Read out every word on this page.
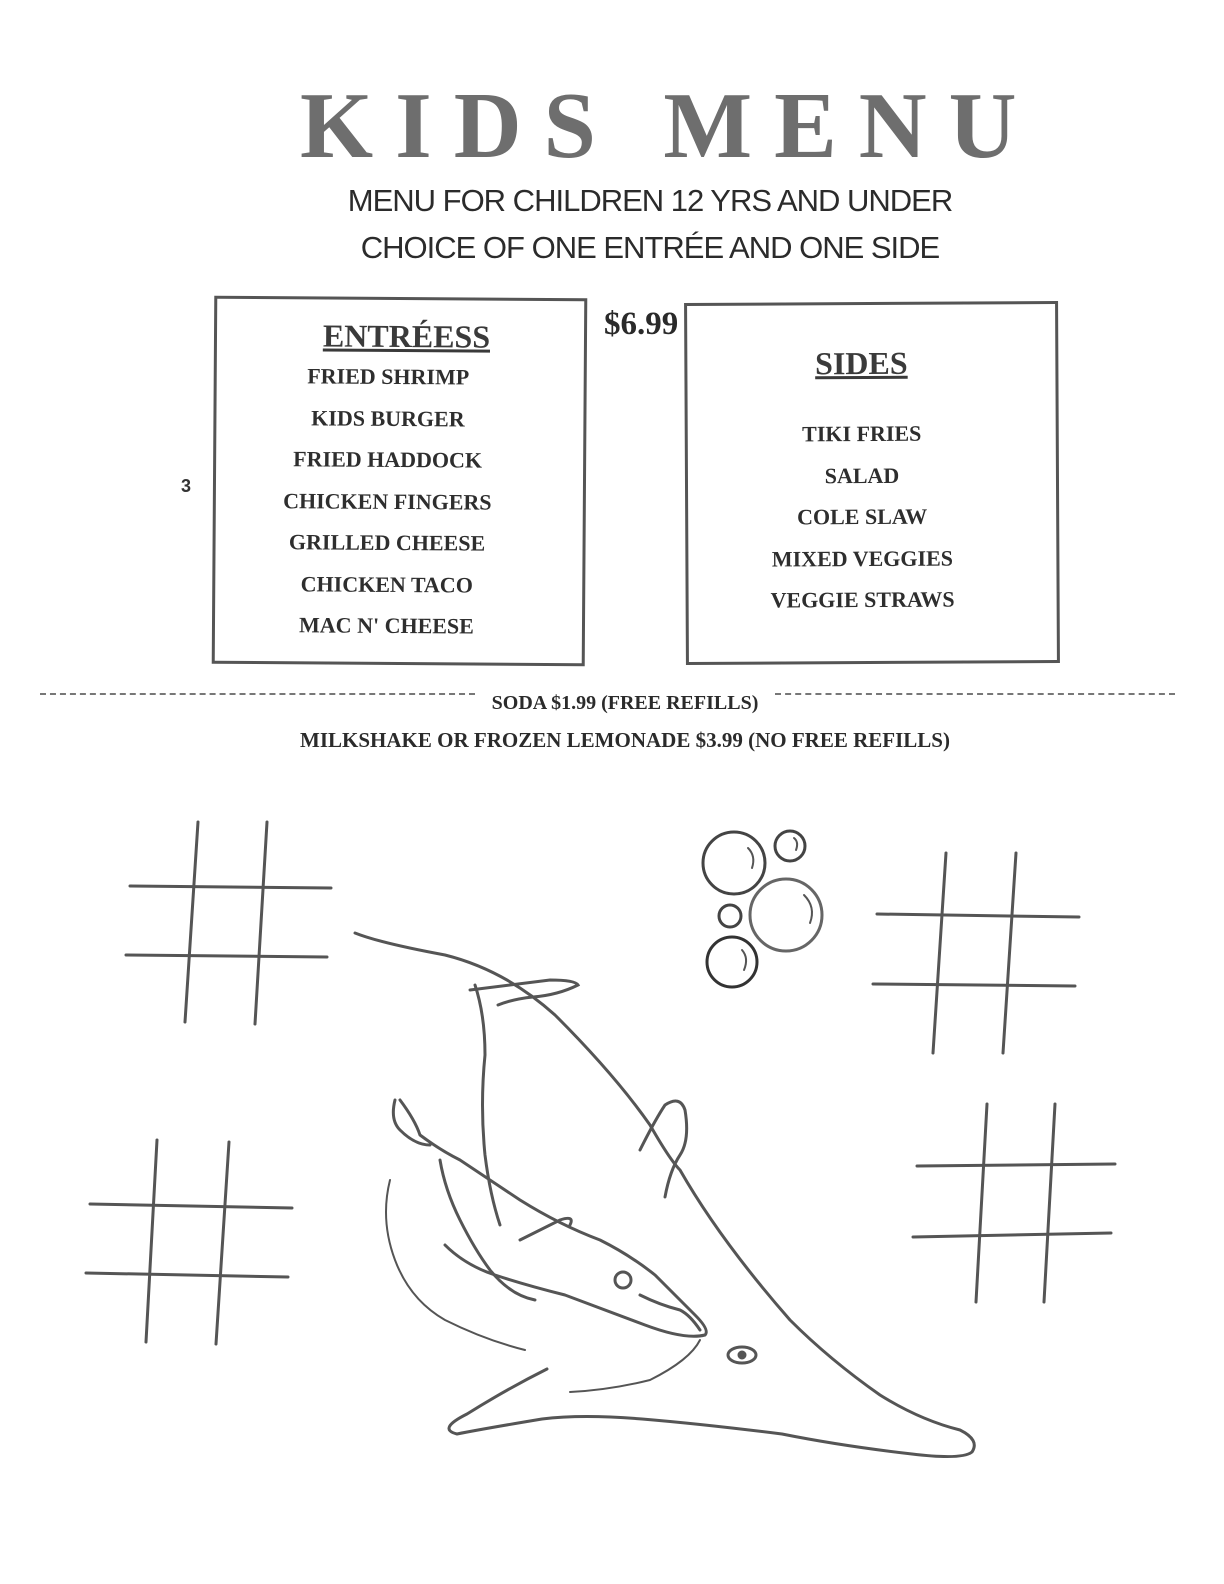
KIDS MENU

MENU FOR CHILDREN 12 YRS AND UNDER

CHOICE OF ONE ENTRÉE AND ONE SIDE

3
ENTRÉESS
FRIED SHRIMP
KIDS BURGER
FRIED HADDOCK
CHICKEN FINGERS
GRILLED CHEESE
CHICKEN TACO
MAC N' CHEESE
$6.99
SIDES
TIKI FRIES
SALAD
COLE SLAW
MIXED VEGGIES
VEGGIE STRAWS

SODA $1.99 (FREE REFILLS)

MILKSHAKE OR FROZEN LEMONADE $3.99 (NO FREE REFILLS)
